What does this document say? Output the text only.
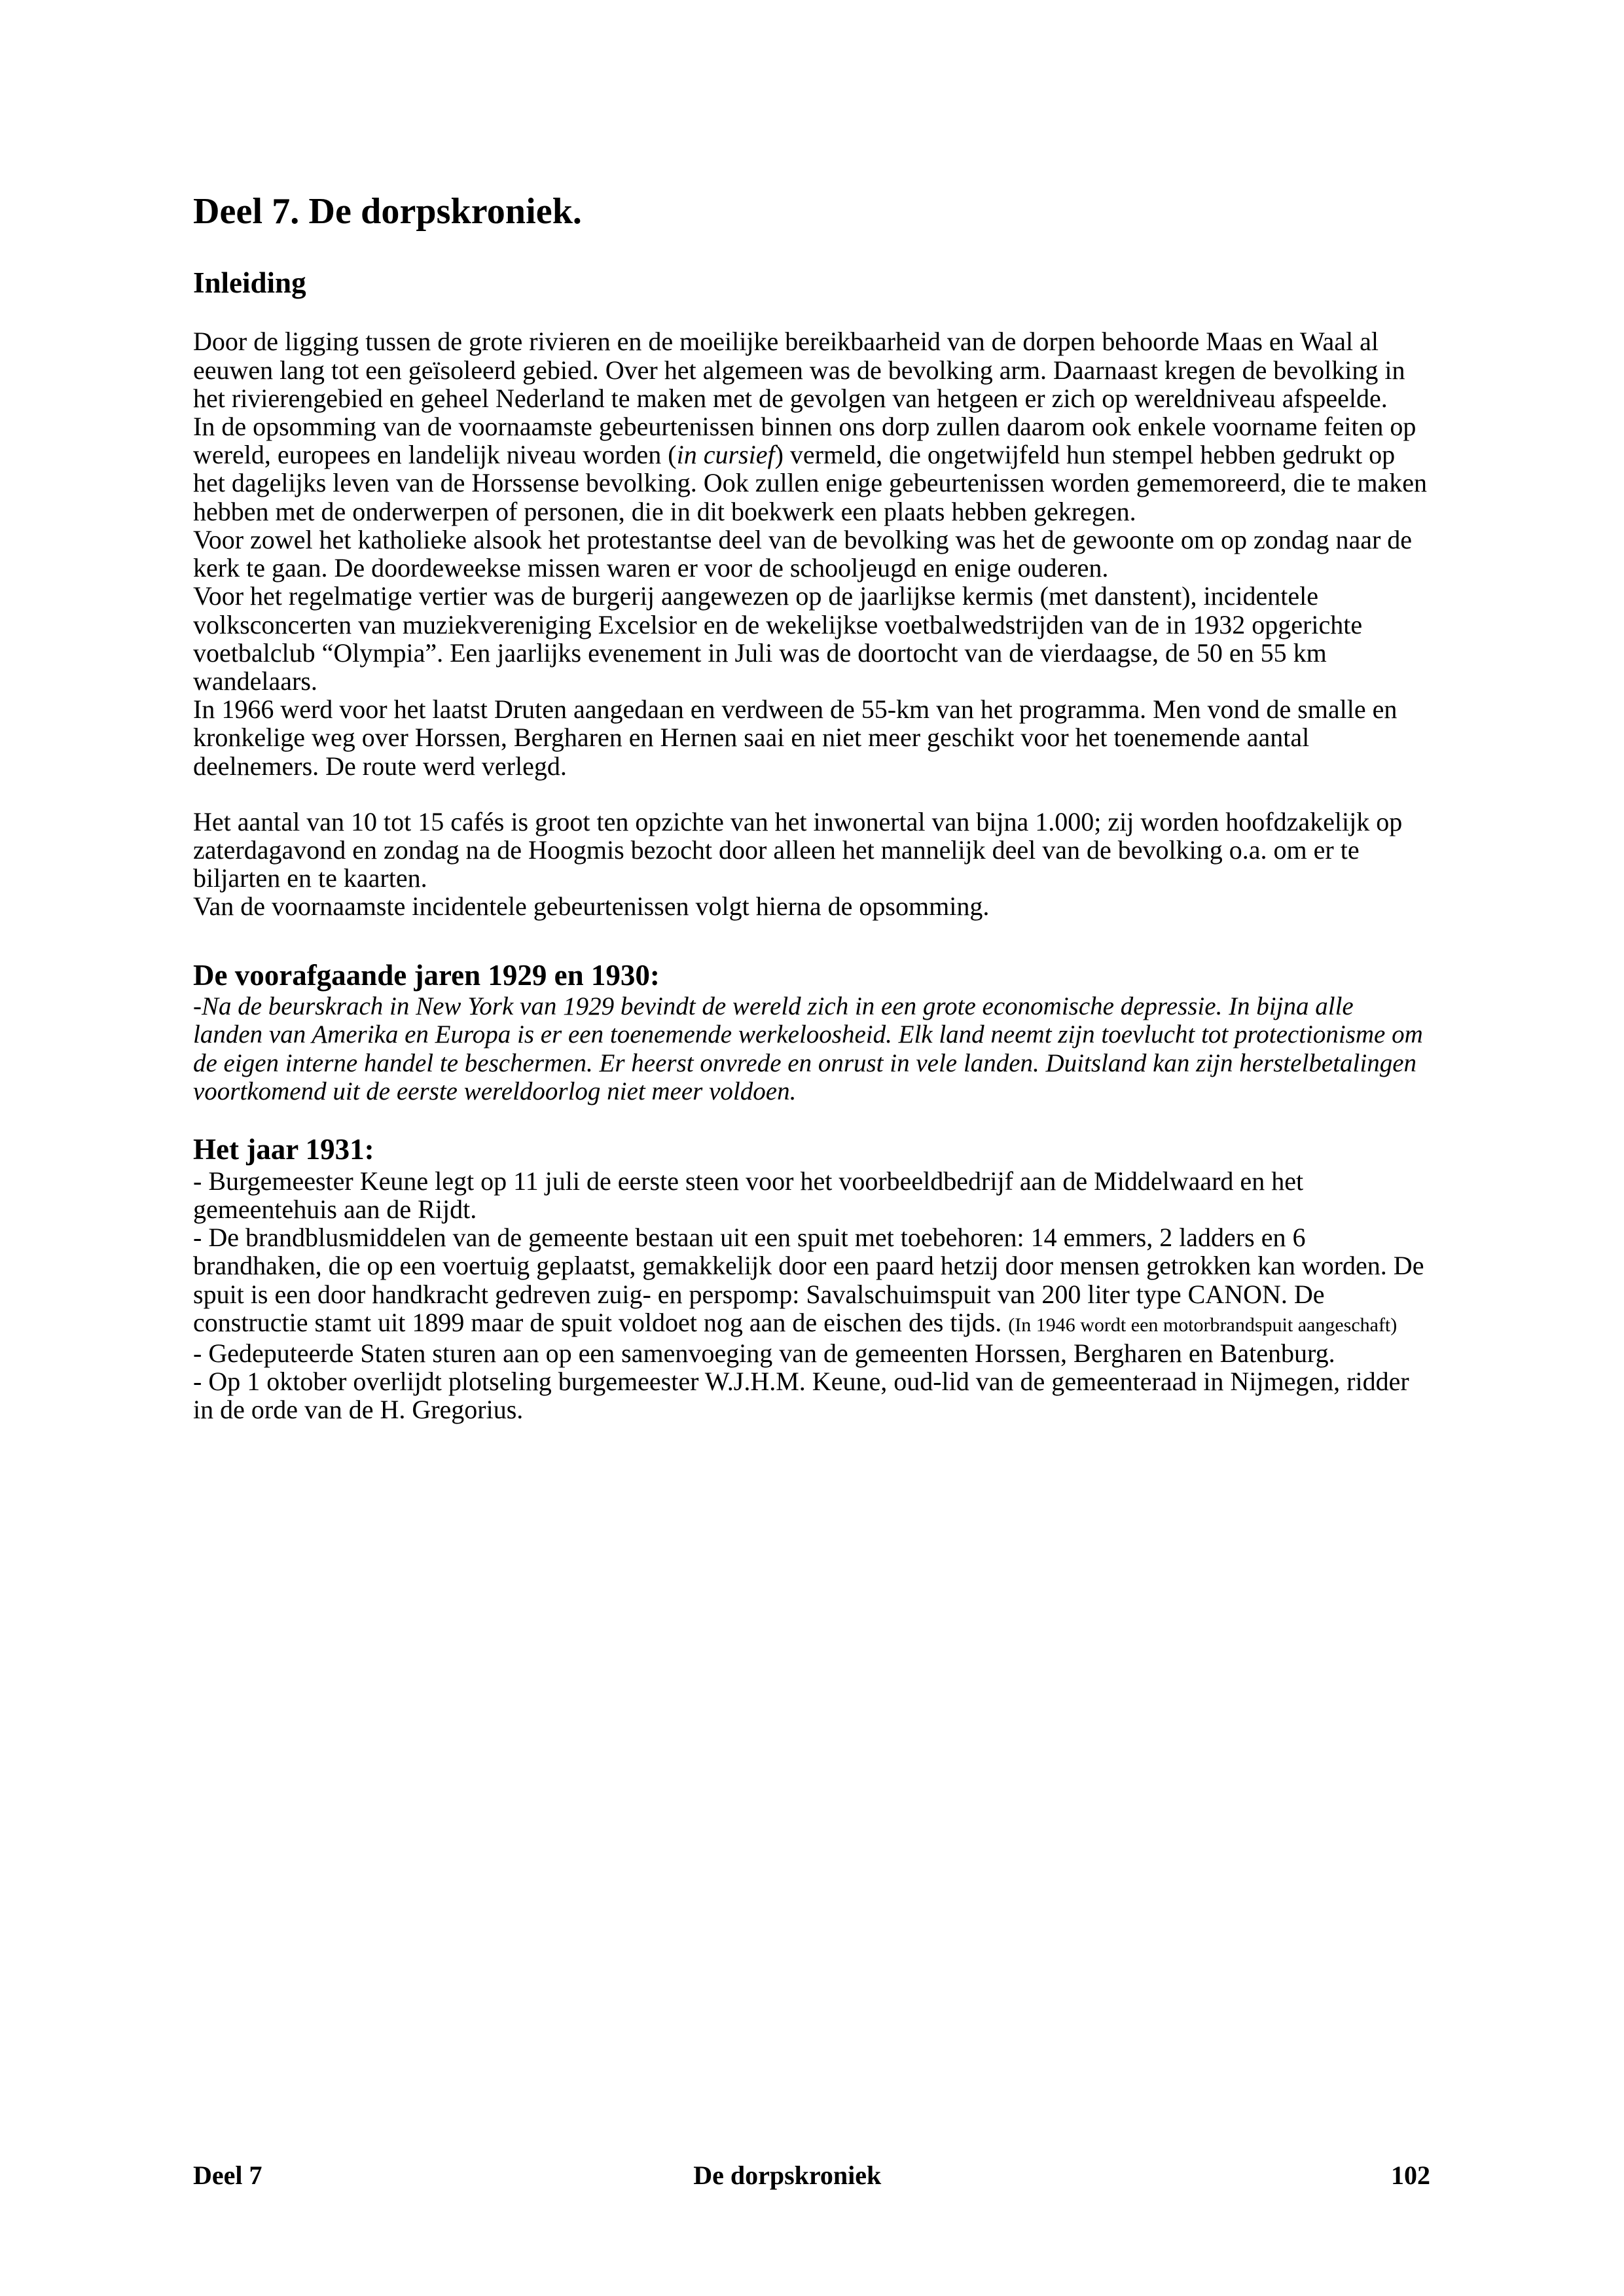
Deel 7. De dorpskroniek.
Inleiding

Door de ligging tussen de grote rivieren en de moeilijke bereikbaarheid van de dorpen behoorde Maas en Waal al eeuwen lang tot een geïsoleerd gebied. Over het algemeen was de bevolking arm. Daarnaast kregen de bevolking in het rivierengebied en geheel Nederland te maken met de gevolgen van hetgeen er zich op wereldniveau afspeelde.

In de opsomming van de voornaamste gebeurtenissen binnen ons dorp zullen daarom ook enkele voorname feiten op wereld, europees en landelijk niveau worden (in cursief) vermeld, die ongetwijfeld hun stempel hebben gedrukt op het dagelijks leven van de Horssense bevolking. Ook zullen enige gebeurtenissen worden gememoreerd, die te maken hebben met de onderwerpen of personen, die in dit boekwerk een plaats hebben gekregen.

Voor zowel het katholieke alsook het protestantse deel van de bevolking was het de gewoonte om op zondag naar de kerk te gaan. De doordeweekse missen waren er voor de schooljeugd en enige ouderen.

Voor het regelmatige vertier was de burgerij aangewezen op de jaarlijkse kermis (met danstent), incidentele volksconcerten van muziekvereniging Excelsior en de wekelijkse voetbalwedstrijden van de in 1932 opgerichte voetbalclub “Olympia”. Een jaarlijks evenement in Juli was de doortocht van de vierdaagse, de 50 en 55 km wandelaars.

In 1966 werd voor het laatst Druten aangedaan en verdween de 55-km van het programma. Men vond de smalle en kronkelige weg over Horssen, Bergharen en Hernen saai en niet meer geschikt voor het toenemende aantal deelnemers. De route werd verlegd.

Het aantal van 10 tot 15 cafés is groot ten opzichte van het inwonertal van bijna 1.000; zij worden hoofdzakelijk op zaterdagavond en zondag na de Hoogmis bezocht door alleen het mannelijk deel van de bevolking o.a. om er te biljarten en te kaarten.

Van de voornaamste incidentele gebeurtenissen volgt hierna de opsomming.

De voorafgaande jaren 1929 en 1930:

-Na de beurskrach in New York van 1929 bevindt de wereld zich in een grote economische depressie. In bijna alle landen van Amerika en Europa is er een toenemende werkeloosheid. Elk land neemt zijn toevlucht tot protectionisme om de eigen interne handel te beschermen. Er heerst onvrede en onrust in vele landen. Duitsland kan zijn herstelbetalingen voortkomend uit de eerste wereldoorlog niet meer voldoen.

Het jaar 1931:

- Burgemeester Keune legt op 11 juli de eerste steen voor het voorbeeldbedrijf aan de Middelwaard en het gemeentehuis aan de Rijdt.

- De brandblusmiddelen van de gemeente bestaan uit een spuit met toebehoren: 14 emmers, 2 ladders en 6 brandhaken, die op een voertuig geplaatst, gemakkelijk door een paard hetzij door mensen getrokken kan worden. De spuit is een door handkracht gedreven zuig- en perspomp: Savalschuimspuit van 200 liter type CANON. De constructie stamt uit 1899 maar de spuit voldoet nog aan de eischen des tijds. (In 1946 wordt een motorbrandspuit aangeschaft)

- Gedeputeerde Staten sturen aan op een samenvoeging van de gemeenten Horssen, Bergharen en Batenburg.

- Op 1 oktober overlijdt plotseling burgemeester W.J.H.M. Keune, oud-lid van de gemeenteraad in Nijmegen, ridder in de orde van de H. Gregorius.

Deel 7	De dorpskroniek	102
